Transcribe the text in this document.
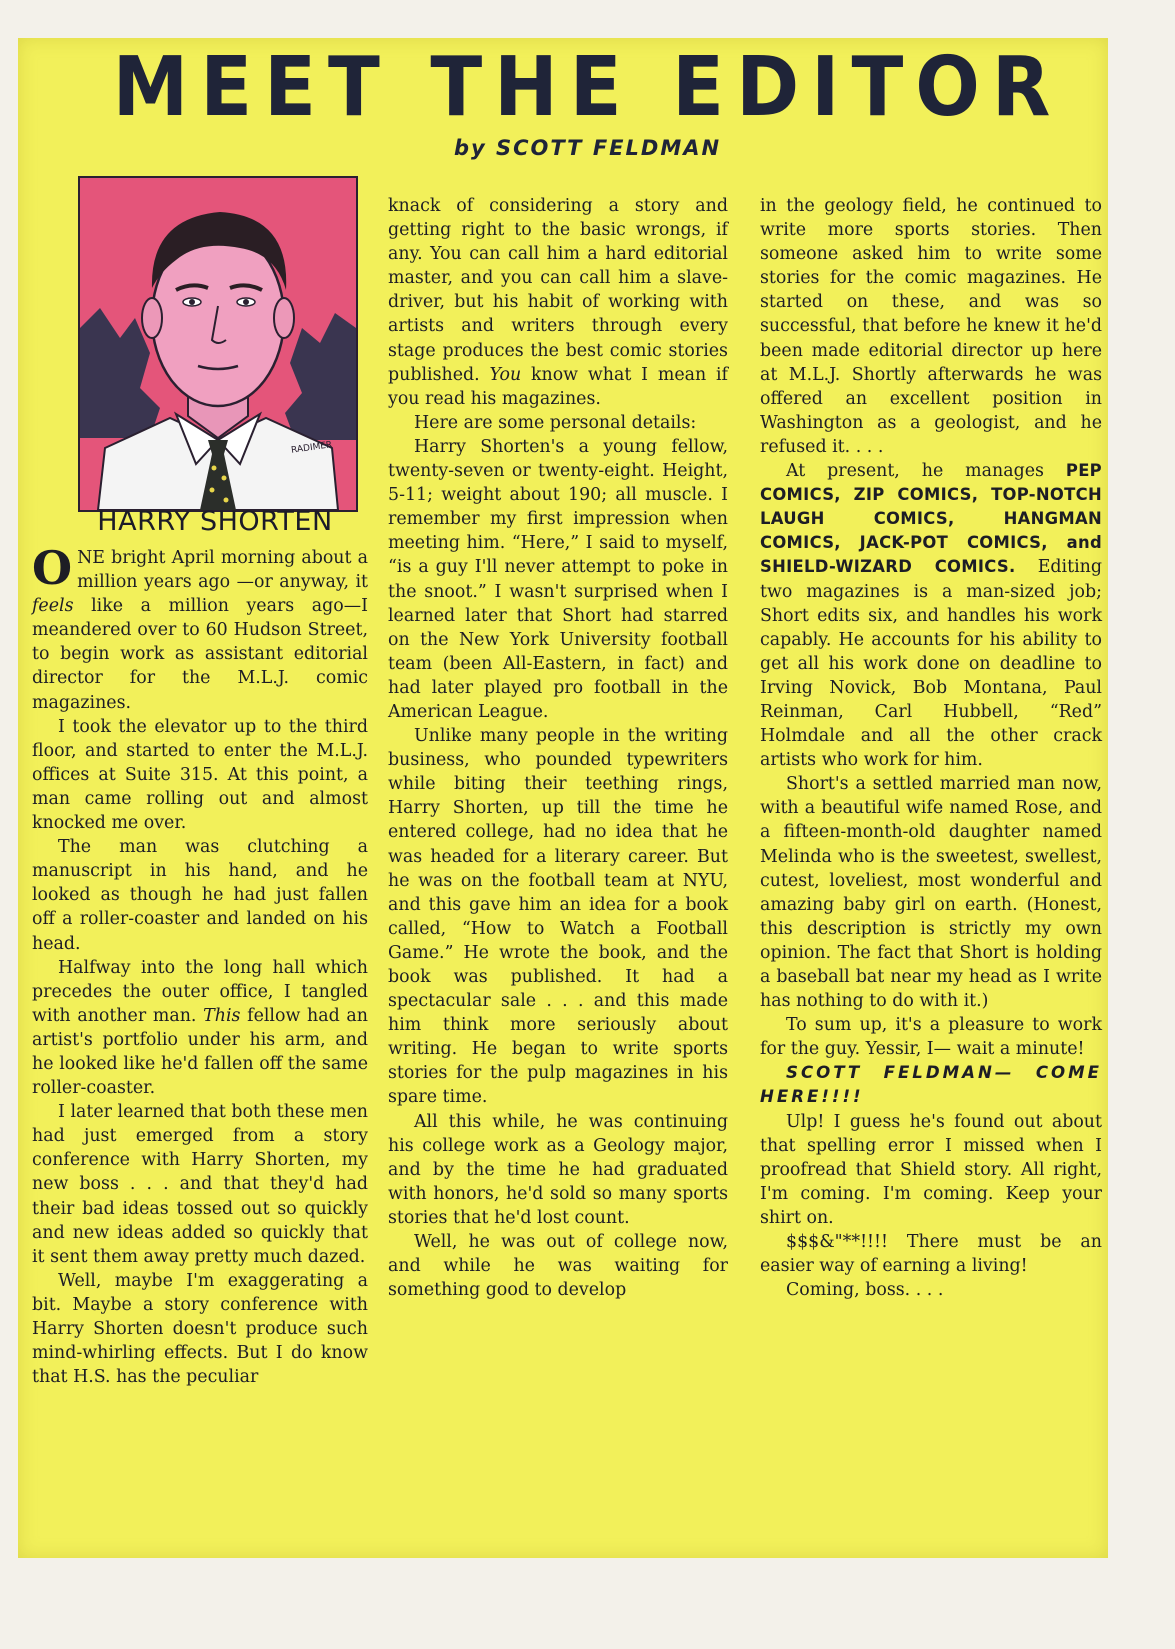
MEET THE EDITOR
by SCOTT FELDMAN
RADIMER
HARRY SHORTEN

ONE bright April morning about a million years ago —or anyway, it feels like a million years ago—I meandered over to 60 Hudson Street, to begin work as assistant editorial director for the M.L.J. comic magazines.

I took the elevator up to the third floor, and started to enter the M.L.J. offices at Suite 315. At this point, a man came rolling out and almost knocked me over.

The man was clutching a manuscript in his hand, and he looked as though he had just fallen off a roller-coaster and landed on his head.

Halfway into the long hall which precedes the outer office, I tangled with another man. This fellow had an artist's portfolio under his arm, and he looked like he'd fallen off the same roller-coaster.

I later learned that both these men had just emerged from a story conference with Harry Shorten, my new boss . . . and that they'd had their bad ideas tossed out so quickly and new ideas added so quickly that it sent them away pretty much dazed.

Well, maybe I'm exaggerating a bit. Maybe a story conference with Harry Shorten doesn't produce such mind-whirling effects. But I do know that H.S. has the peculiar

knack of considering a story and getting right to the basic wrongs, if any. You can call him a hard editorial master, and you can call him a slave-driver, but his habit of working with artists and writers through every stage produces the best comic stories published. You know what I mean if you read his magazines.

Here are some personal details:

Harry Shorten's a young fellow, twenty-seven or twenty-eight. Height, 5-11; weight about 190; all muscle. I remember my first impression when meeting him. “Here,” I said to myself, “is a guy I'll never attempt to poke in the snoot.” I wasn't surprised when I learned later that Short had starred on the New York University football team (been All-Eastern, in fact) and had later played pro football in the American League.

Unlike many people in the writing business, who pounded typewriters while biting their teething rings, Harry Shorten, up till the time he entered college, had no idea that he was headed for a literary career. But he was on the football team at NYU, and this gave him an idea for a book called, “How to Watch a Football Game.” He wrote the book, and the book was published. It had a spectacular sale . . . and this made him think more seriously about writing. He began to write sports stories for the pulp magazines in his spare time.

All this while, he was continuing his college work as a Geology major, and by the time he had graduated with honors, he'd sold so many sports stories that he'd lost count.

Well, he was out of college now, and while he was waiting for something good to develop

in the geology field, he continued to write more sports stories. Then someone asked him to write some stories for the comic magazines. He started on these, and was so successful, that before he knew it he'd been made editorial director up here at M.L.J. Shortly afterwards he was offered an excellent position in Washington as a geologist, and he refused it. . . .

At present, he manages PEP COMICS, ZIP COMICS, TOP-NOTCH LAUGH COMICS, HANGMAN COMICS, JACK-POT COMICS, and SHIELD-WIZARD COMICS. Editing two magazines is a man-sized job; Short edits six, and handles his work capably. He accounts for his ability to get all his work done on deadline to Irving Novick, Bob Montana, Paul Reinman, Carl Hubbell, “Red” Holmdale and all the other crack artists who work for him.

Short's a settled married man now, with a beautiful wife named Rose, and a fifteen-month-old daughter named Melinda who is the sweetest, swellest, cutest, loveliest, most wonderful and amazing baby girl on earth. (Honest, this description is strictly my own opinion. The fact that Short is holding a baseball bat near my head as I write has nothing to do with it.)

To sum up, it's a pleasure to work for the guy. Yessir, I— wait a minute!

SCOTT FELDMAN— COME HERE!!!!

Ulp! I guess he's found out about that spelling error I missed when I proofread that Shield story. All right, I'm coming. I'm coming. Keep your shirt on.

$$$&"**!!!! There must be an easier way of earning a living!

Coming, boss. . . .
